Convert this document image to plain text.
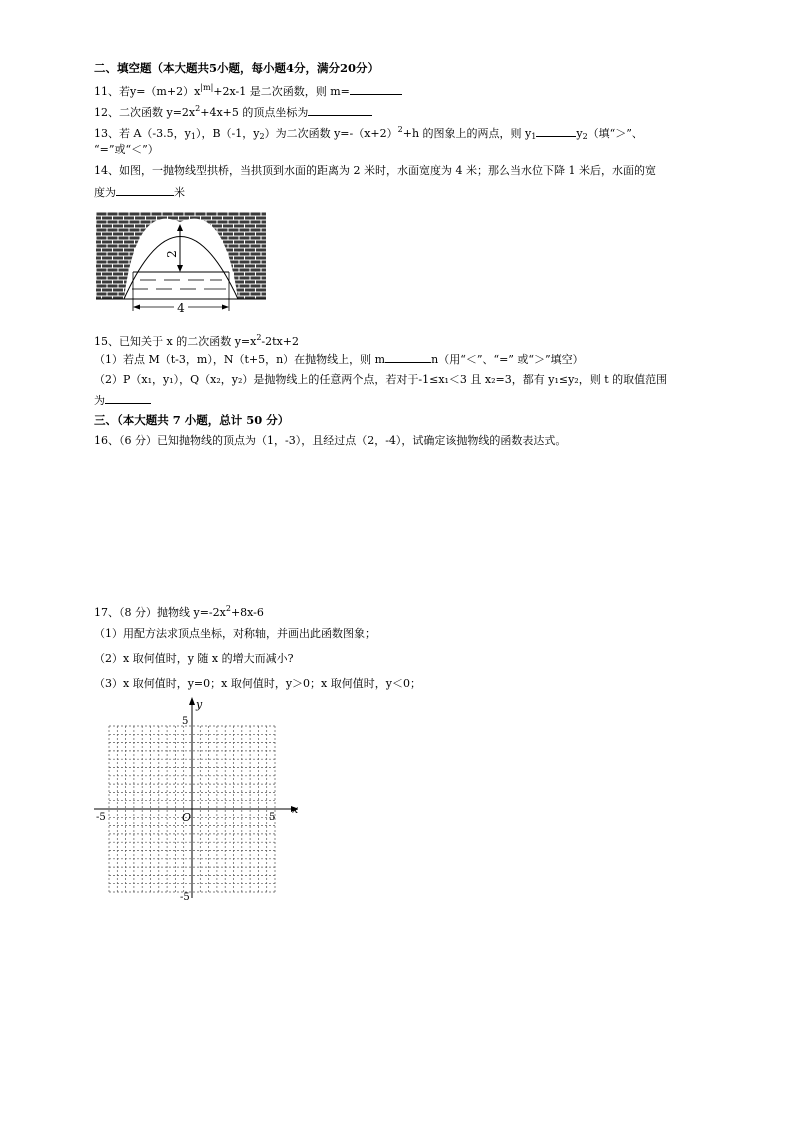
二、填空题（本大题共5小题，每小题4分，满分20分）
11、若$y=(m+2)x^{|m|}+2x-1$ 是二次函数，则 m=
12、二次函数 $y=2x^2+4x+5$ 的顶点坐标为
13、若 A（-3.5，$y_1$），B（-1，$y_2$）为二次函数 $y=-(x+2)^2+h$ 的图象上的两点，则 $y_1$	$y_2$（填“＞”、
“=”或“＜”）
14、如图，一抛物线型拱桥，当拱顶到水面的距离为 2 米时，水面宽度为 4 米；那么当水位下降 1 米后，水面的宽
度为	米
2
4
15、已知关于 x 的二次函数 $y=x^2-2tx+2$
（1）若点 M（t-3，m），N（t+5，n）在抛物线上，则 m	n（用“＜”、“=” 或“＞”填空）
（2）P（x₁，y₁），Q（x₂，y₂）是抛物线上的任意两个点，若对于-1≤x₁＜3 且 x₂=3，都有 y₁≤y₂，则 t 的取值范围
为
三、（本大题共 7 小题，总计 50 分）
16、（6 分）已知抛物线的顶点为（1，-3），且经过点（2，-4），试确定该抛物线的函数表达式。
17、（8 分）抛物线 $y=-2x^2+8x-6$
（1）用配方法求顶点坐标，对称轴，并画出此函数图象；
（2）x 取何值时，y 随 x 的增大而减小?
（3）x 取何值时，y=0；x 取何值时，y＞0；x 取何值时，y＜0；
x
y
O
-5	5
-5
5
